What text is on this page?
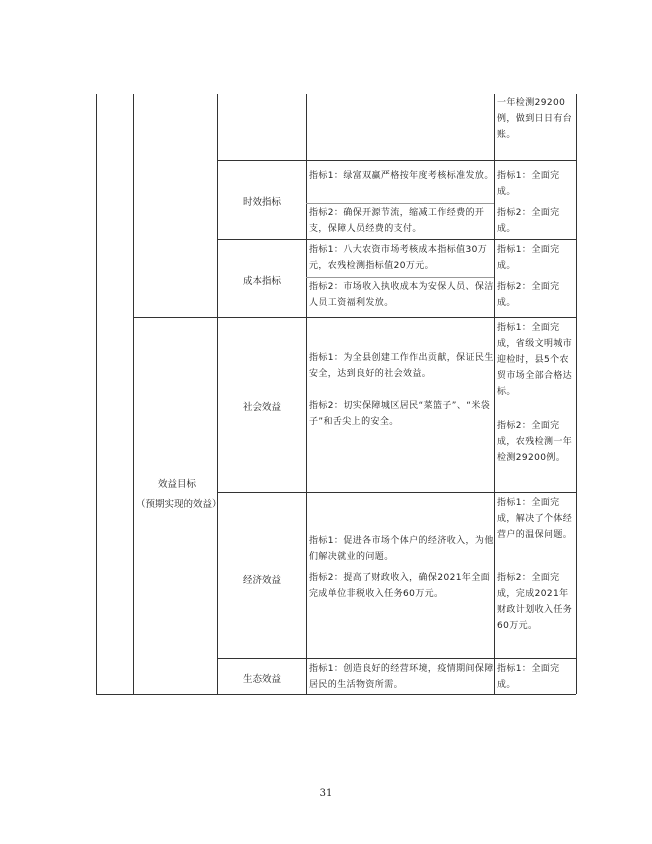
一年检测29200例，做到日日有台账。
时效指标
指标1：绿富双赢严格按年度考核标准发放。
指标2：确保开源节流，缩减工作经费的开支，保障人员经费的支付。
指标1：全面完成。
指标2：全面完成。
成本指标
指标1：八大农资市场考核成本指标值30万元，农残检测指标值20万元。
指标2：市场收入执收成本为安保人员、保洁人员工资福利发放。
指标1：全面完成。
指标2：全面完成。
效益目标
（预期实现的效益）
社会效益
指标1：为全县创建工作作出贡献，保证民生安全，达到良好的社会效益。
指标2：切实保障城区居民“菜篮子”、“米袋子”和舌尖上的安全。
指标1：全面完成，省级文明城市迎检时，县5个农贸市场全部合格达标。
指标2：全面完成，农残检测一年检测29200例。
经济效益
指标1：促进各市场个体户的经济收入，为他们解决就业的问题。
指标2：提高了财政收入，确保2021年全面完成单位非税收入任务60万元。
指标1：全面完成，解决了个体经营户的温保问题。
指标2：全面完成，完成2021年财政计划收入任务60万元。
生态效益
指标1：创造良好的经营环境，疫情期间保障居民的生活物资所需。
指标1：全面完成。
31
